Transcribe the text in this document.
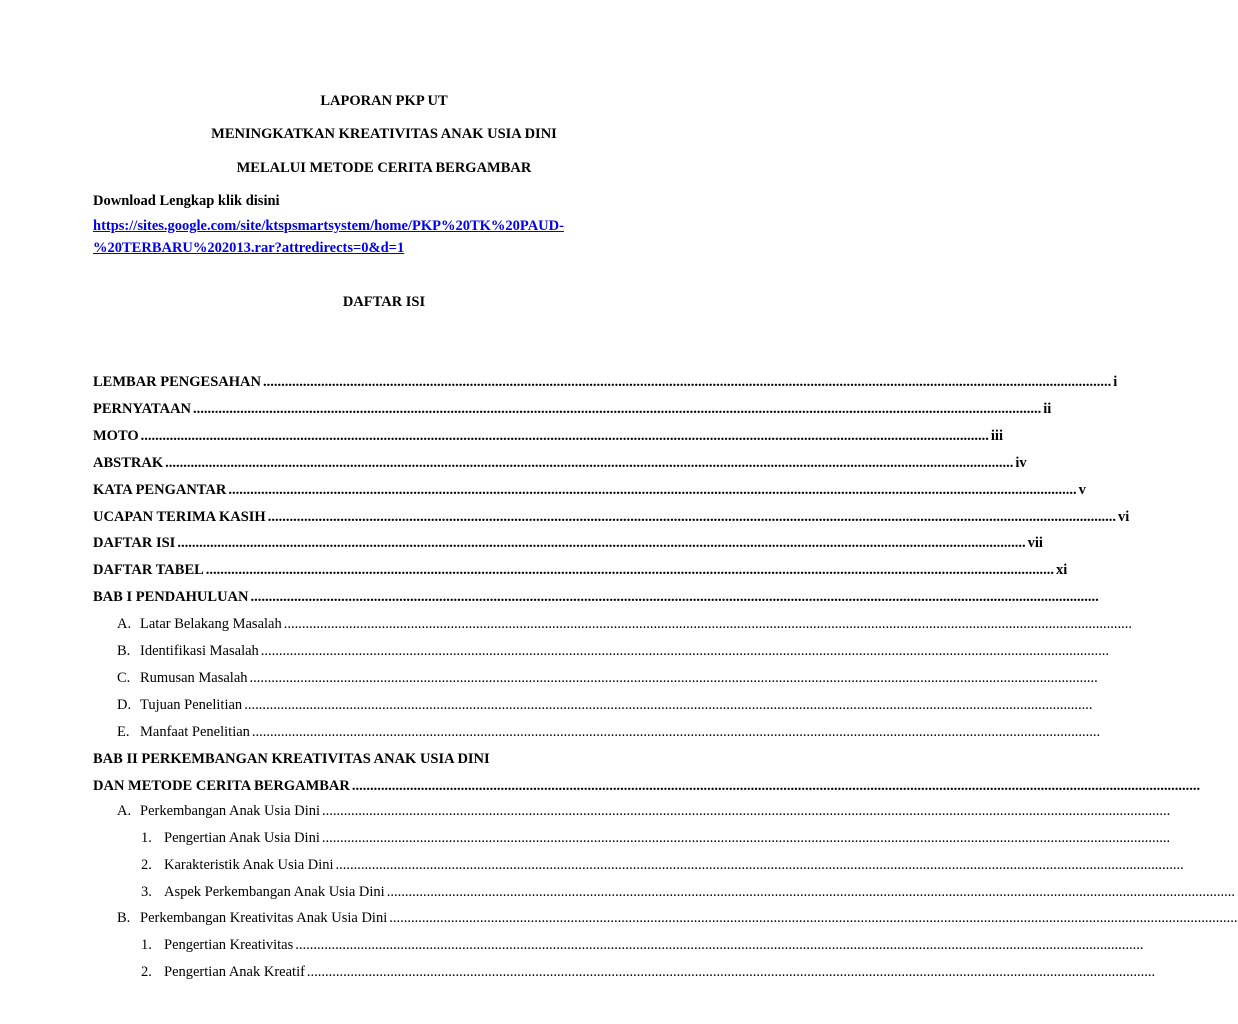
LAPORAN PKP UT
MENINGKATKAN KREATIVITAS ANAK USIA DINI
MELALUI METODE CERITA BERGAMBAR
Download Lengkap klik disini
https://sites.google.com/site/ktspsmartsystem/home/PKP%20TK%20PAUD-
%20TERBARU%202013.rar?attredirects=0&d=1
DAFTAR ISI
LEMBAR PENGESAHAN .......................................................................................................................................................................................................................................... i
PERNYATAAN .......................................................................................................................................................................................................................................... ii
MOTO .......................................................................................................................................................................................................................................... iii
ABSTRAK .......................................................................................................................................................................................................................................... iv
KATA PENGANTAR .......................................................................................................................................................................................................................................... v
UCAPAN TERIMA KASIH .......................................................................................................................................................................................................................................... vi
DAFTAR ISI .......................................................................................................................................................................................................................................... vii
DAFTAR TABEL .......................................................................................................................................................................................................................................... xi
BAB I PENDAHULUAN ..........................................................................................................................................................................................................................................
A. Latar Belakang Masalah ..........................................................................................................................................................................................................................................
B. Identifikasi Masalah ..........................................................................................................................................................................................................................................
C. Rumusan Masalah ..........................................................................................................................................................................................................................................
D. Tujuan Penelitian ..........................................................................................................................................................................................................................................
E. Manfaat Penelitian ..........................................................................................................................................................................................................................................
BAB II PERKEMBANGAN KREATIVITAS ANAK USIA DINI
DAN METODE CERITA BERGAMBAR ..........................................................................................................................................................................................................................................
A. Perkembangan Anak Usia Dini ..........................................................................................................................................................................................................................................
1. Pengertian Anak Usia Dini ..........................................................................................................................................................................................................................................
2. Karakteristik Anak Usia Dini ..........................................................................................................................................................................................................................................
3. Aspek Perkembangan Anak Usia Dini ..........................................................................................................................................................................................................................................
B. Perkembangan Kreativitas Anak Usia Dini ..........................................................................................................................................................................................................................................
1. Pengertian Kreativitas ..........................................................................................................................................................................................................................................
2. Pengertian Anak Kreatif ..........................................................................................................................................................................................................................................
